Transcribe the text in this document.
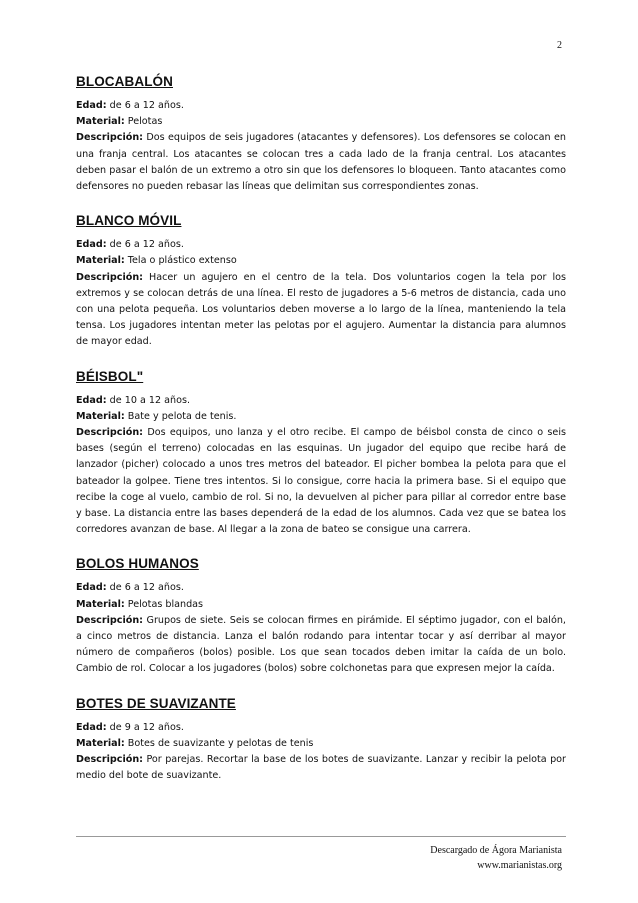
2
BLOCABALÓN

Edad: de 6 a 12 años.

Material: Pelotas

Descripción: Dos equipos de seis jugadores (atacantes y defensores). Los defensores se colocan en una franja central. Los atacantes se colocan tres a cada lado de la franja central. Los atacantes deben pasar el balón de un extremo a otro sin que los defensores lo bloqueen. Tanto atacantes como defensores no pueden rebasar las líneas que delimitan sus correspondientes zonas.

BLANCO MÓVIL

Edad: de 6 a 12 años.

Material: Tela o plástico extenso

Descripción: Hacer un agujero en el centro de la tela. Dos voluntarios cogen la tela por los extremos y se colocan detrás de una línea. El resto de jugadores a 5-6 metros de distancia, cada uno con una pelota pequeña. Los voluntarios deben moverse a lo largo de la línea, manteniendo la tela tensa. Los jugadores intentan meter las pelotas por el agujero. Aumentar la distancia para alumnos de mayor edad.

BÉISBOL"

Edad: de 10 a 12 años.

Material: Bate y pelota de tenis.

Descripción: Dos equipos, uno lanza y el otro recibe. El campo de béisbol consta de cinco o seis bases (según el terreno) colocadas en las esquinas. Un jugador del equipo que recibe hará de lanzador (picher) colocado a unos tres metros del bateador. El picher bombea la pelota para que el bateador la golpee. Tiene tres intentos. Si lo consigue, corre hacia la primera base. Si el equipo que recibe la coge al vuelo, cambio de rol. Si no, la devuelven al picher para pillar al corredor entre base y base. La distancia entre las bases dependerá de la edad de los alumnos. Cada vez que se batea los corredores avanzan de base. Al llegar a la zona de bateo se consigue una carrera.

BOLOS HUMANOS

Edad: de 6 a 12 años.

Material: Pelotas blandas

Descripción: Grupos de siete. Seis se colocan firmes en pirámide. El séptimo jugador, con el balón, a cinco metros de distancia. Lanza el balón rodando para intentar tocar y así derribar al mayor número de compañeros (bolos) posible. Los que sean tocados deben imitar la caída de un bolo. Cambio de rol. Colocar a los jugadores (bolos) sobre colchonetas para que expresen mejor la caída.

BOTES DE SUAVIZANTE

Edad: de 9 a 12 años.

Material: Botes de suavizante y pelotas de tenis

Descripción: Por parejas. Recortar la base de los botes de suavizante. Lanzar y recibir la pelota por medio del bote de suavizante.

Descargado de Ágora Marianista
www.marianistas.org
